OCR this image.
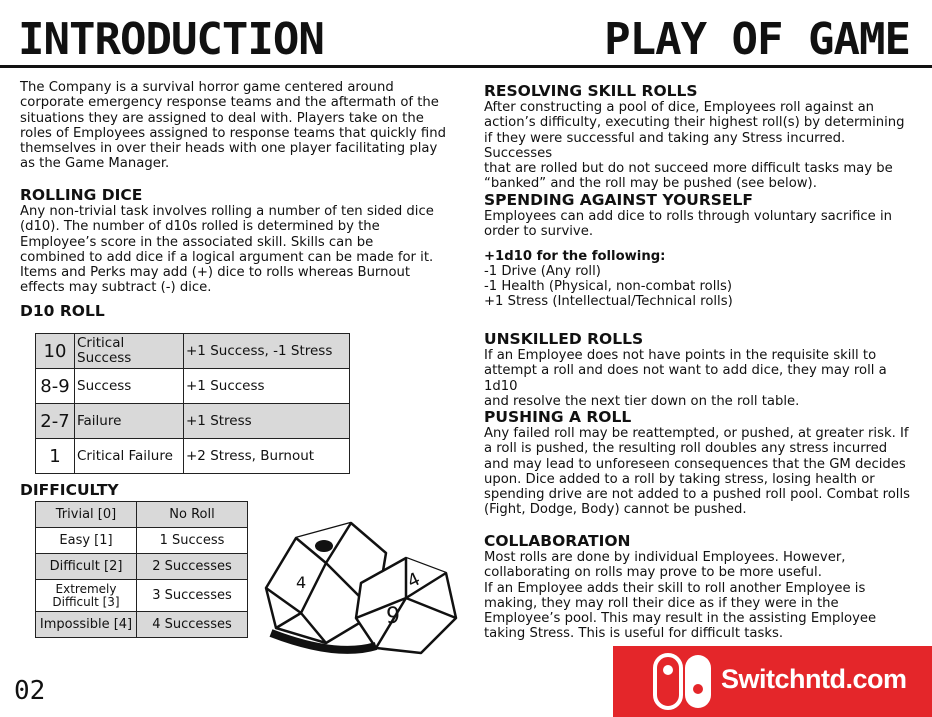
INTRODUCTION	PLAY OF GAME

The Company is a survival horror game centered around
corporate emergency response teams and the aftermath of the
situations they are assigned to deal with. Players take on the
roles of Employees assigned to response teams that quickly find
themselves in over their heads with one player facilitating play
as the Game Manager.

ROLLING DICE

Any non-trivial task involves rolling a number of ten sided dice
(d10). The number of d10s rolled is determined by the
Employee’s score in the associated skill. Skills can be
combined to add dice if a logical argument can be made for it.
Items and Perks may add (+) dice to rolls whereas Burnout
effects may subtract (-) dice.

D10 ROLL
10	Critical Success	+1 Success, -1 Stress
8-9	Success	+1 Success
2-7	Failure	+1 Stress
1	Critical Failure	+2 Stress, Burnout
DIFFICULTY
Trivial [0]	No Roll
Easy [1]	1 Success
Difficult [2]	2 Successes
Extremely Difficult [3]	3 Successes
Impossible [4]	4 Successes
4
9
4
RESOLVING SKILL ROLLS

After constructing a pool of dice, Employees roll against an
action’s difficulty, executing their highest roll(s) by determining
if they were successful and taking any Stress incurred. Successes
that are rolled but do not succeed more difficult tasks may be
“banked” and the roll may be pushed (see below).

SPENDING AGAINST YOURSELF

Employees can add dice to rolls through voluntary sacrifice in
order to survive.

+1d10 for the following:

-1 Drive (Any roll)
-1 Health (Physical, non-combat rolls)
+1 Stress (Intellectual/Technical rolls)

UNSKILLED ROLLS

If an Employee does not have points in the requisite skill to
attempt a roll and does not want to add dice, they may roll a 1d10
and resolve the next tier down on the roll table.

PUSHING A ROLL

Any failed roll may be reattempted, or pushed, at greater risk. If
a roll is pushed, the resulting roll doubles any stress incurred
and may lead to unforeseen consequences that the GM decides
upon. Dice added to a roll by taking stress, losing health or
spending drive are not added to a pushed roll pool. Combat rolls
(Fight, Dodge, Body) cannot be pushed.

COLLABORATION

Most rolls are done by individual Employees. However,
collaborating on rolls may prove to be more useful.
If an Employee adds their skill to roll another Employee is
making, they may roll their dice as if they were in the
Employee’s pool. This may result in the assisting Employee
taking Stress. This is useful for difficult tasks.

02	Switchntd.com
